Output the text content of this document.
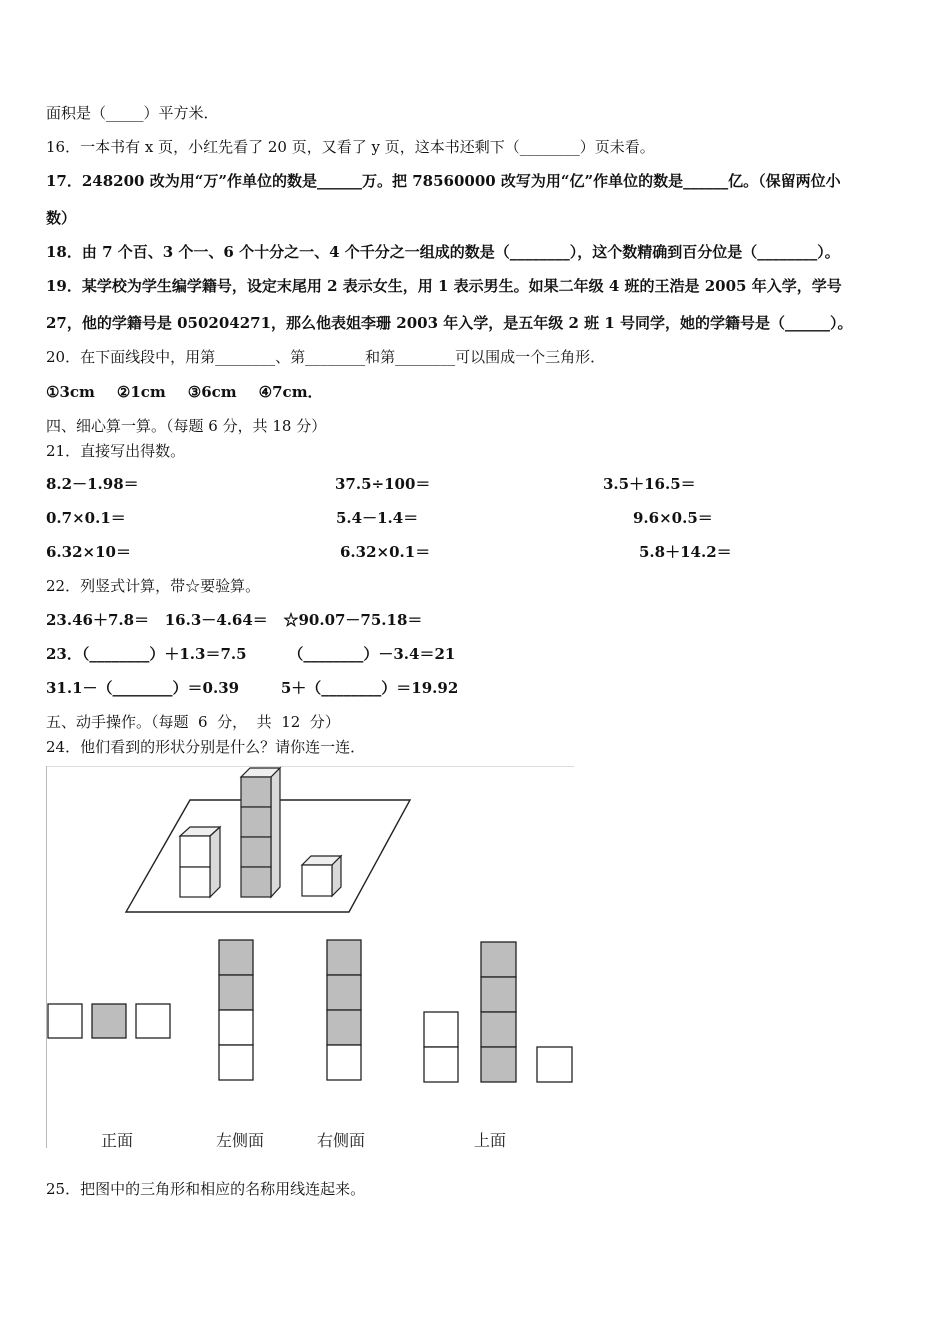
面积是（_____）平方米．
16．一本书有 x 页，小红先看了 20 页，又看了 y 页，这本书还剩下（________）页未看。
17．248200 改为用“万”作单位的数是______万。把 78560000 改写为用“亿”作单位的数是______亿。（保留两位小
数）
18．由 7 个百、3 个一、6 个十分之一、4 个千分之一组成的数是（________），这个数精确到百分位是（________）。
19．某学校为学生编学籍号，设定末尾用 2 表示女生，用 1 表示男生。如果二年级 4 班的王浩是 2005 年入学，学号
27，他的学籍号是 050204271，那么他表姐李珊 2003 年入学，是五年级 2 班 1 号同学，她的学籍号是（______）。
20．在下面线段中，用第________、第________和第________可以围成一个三角形．
①3cm ②1cm ③6cm ④7cm．
四、细心算一算。（每题 6 分，共 18 分）
21．直接写出得数。
8.2－1.98＝	37.5÷100＝	3.5＋16.5＝
0.7×0.1＝	5.4－1.4＝	9.6×0.5＝
6.32×10＝	6.32×0.1＝	5.8＋14.2＝
22．列竖式计算，带☆要验算。
23.46＋7.8＝   16.3－4.64＝   ☆90.07－75.18＝
23．（________）＋1.3＝7.5        （________）－3.4＝21
31.1－（________）＝0.39        5＋（________）＝19.92
五、动手操作。（每题  6  分，  共  12  分）
24．他们看到的形状分别是什么？请你连一连．
正面	左侧面	右侧面	上面
25．把图中的三角形和相应的名称用线连起来。
